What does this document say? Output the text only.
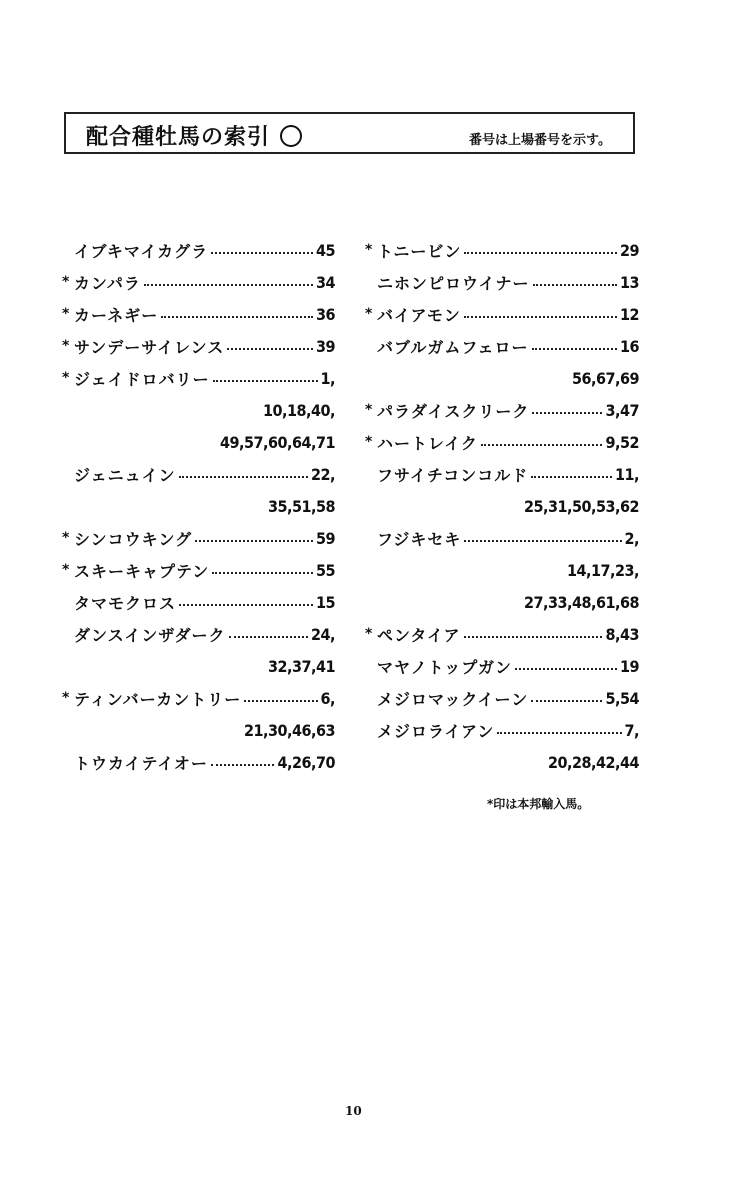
配合種牡馬の索引	番号は上場番号を示す。
イブキマイカグラ	45
* カンパラ	34
* カーネギー	36
* サンデーサイレンス	39
* ジェイドロバリー	1,
10,18,40,
49,57,60,64,71
ジェニュイン	22,
35,51,58
* シンコウキング	59
* スキーキャプテン	55
タマモクロス	15
ダンスインザダーク	24,
32,37,41
* ティンバーカントリー	6,
21,30,46,63
トウカイテイオー	4,26,70
* トニービン	29
ニホンピロウイナー	13
* バイアモン	12
バブルガムフェロー	16
56,67,69
* パラダイスクリーク	3,47
* ハートレイク	9,52
フサイチコンコルド	11,
25,31,50,53,62
フジキセキ	2,
14,17,23,
27,33,48,61,68
* ペンタイア	8,43
マヤノトップガン	19
メジロマックイーン	5,54
メジロライアン	7,
20,28,42,44
*印は本邦輸入馬。
10
